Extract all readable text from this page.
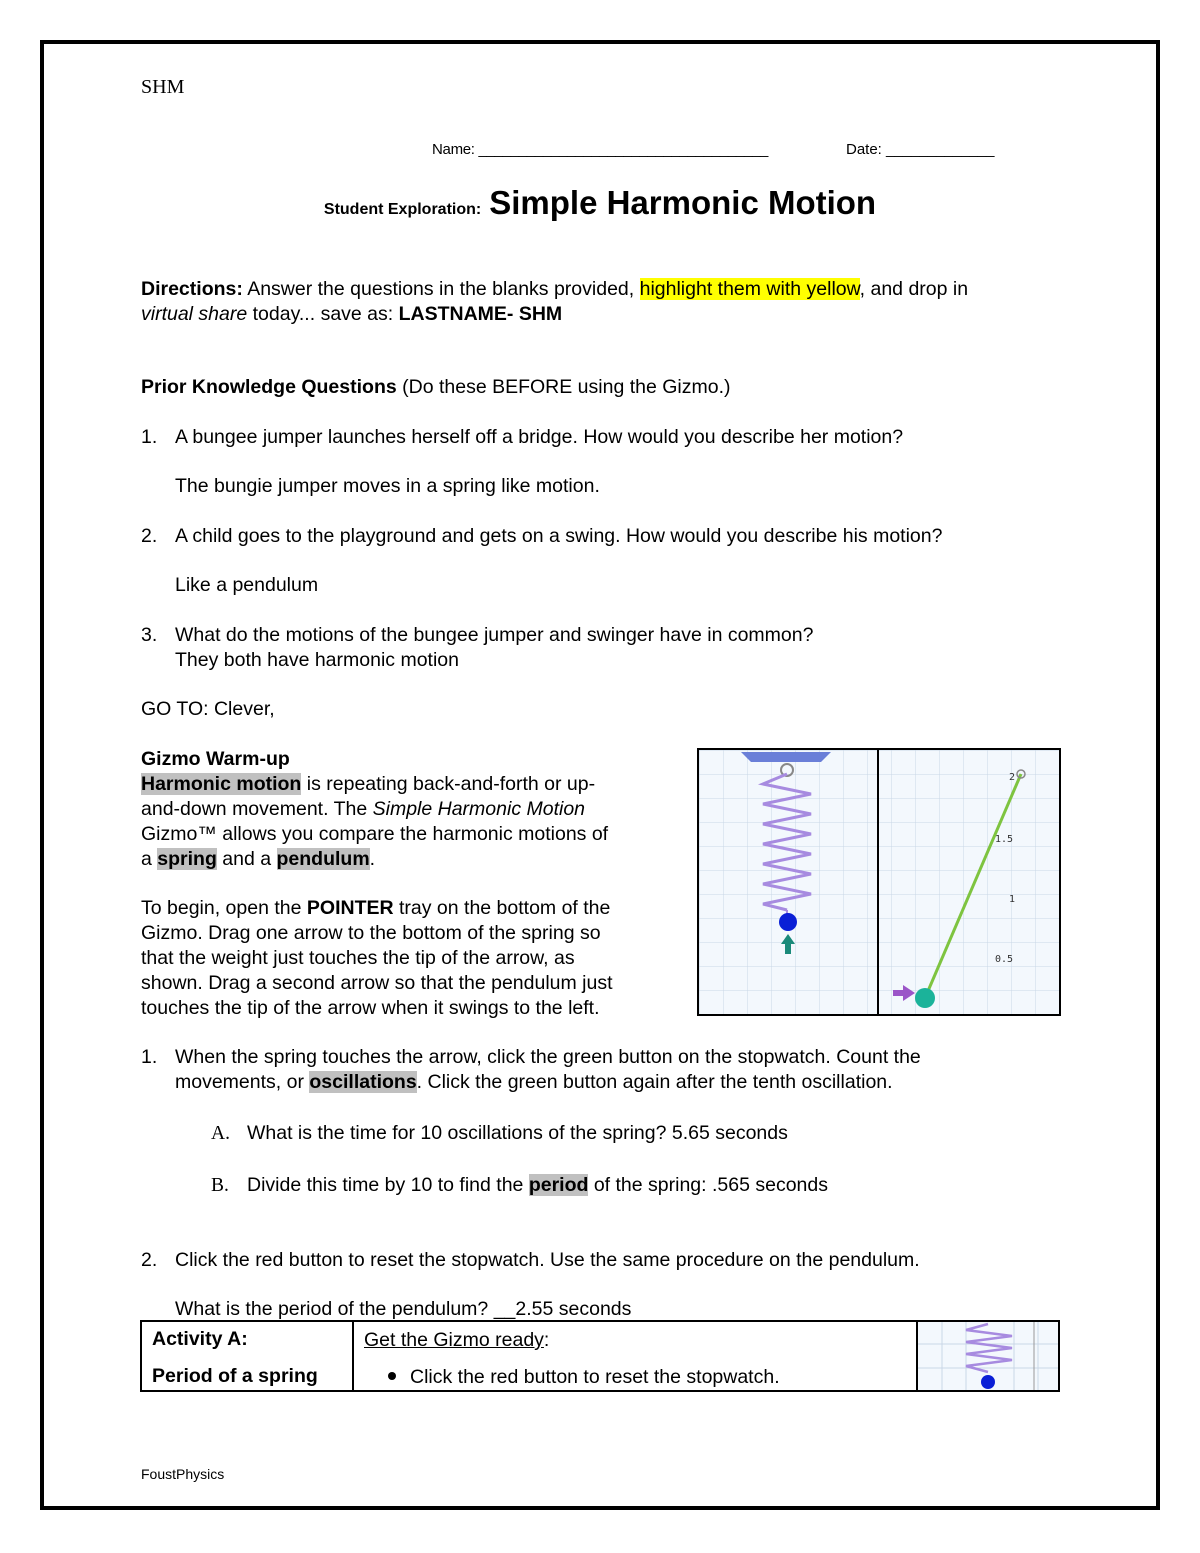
SHM
Name: ____________________________________	Date: _____________
Student Exploration: Simple Harmonic Motion
Directions: Answer the questions in the blanks provided, highlight them with yellow, and drop in
virtual share today... save as: LASTNAME- SHM
Prior Knowledge Questions (Do these BEFORE using the Gizmo.)
1. A bungee jumper launches herself off a bridge. How would you describe her motion?
The bungie jumper moves in a spring like motion.
2. A child goes to the playground and gets on a swing. How would you describe his motion?
Like a pendulum
3. What do the motions of the bungee jumper and swinger have in common?
They both have harmonic motion
GO TO: Clever,
Gizmo Warm-up
Harmonic motion is repeating back-and-forth or up-
and-down movement. The Simple Harmonic Motion
Gizmo™ allows you compare the harmonic motions of
a spring and a pendulum.
To begin, open the POINTER tray on the bottom of the
Gizmo. Drag one arrow to the bottom of the spring so
that the weight just touches the tip of the arrow, as
shown. Drag a second arrow so that the pendulum just
touches the tip of the arrow when it swings to the left.
2
1.5
1
0.5
1. When the spring touches the arrow, click the green button on the stopwatch. Count the
movements, or oscillations. Click the green button again after the tenth oscillation.
A. What is the time for 10 oscillations of the spring? 5.65 seconds
B. Divide this time by 10 to find the period of the spring: .565 seconds
2. Click the red button to reset the stopwatch. Use the same procedure on the pendulum.
What is the period of the pendulum? __2.55 seconds
Activity A:
Period of a spring
Get the Gizmo ready:
Click the red button to reset the stopwatch.
FoustPhysics
